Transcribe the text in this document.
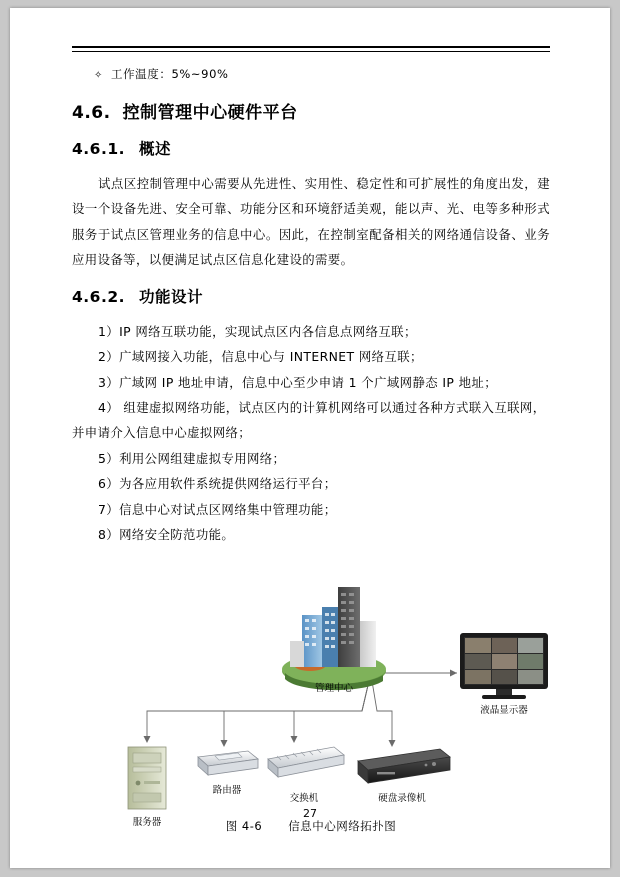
✧ 工作温度：5%~90%
4.6. 控制管理中心硬件平台
4.6.1. 概述

试点区控制管理中心需要从先进性、实用性、稳定性和可扩展性的角度出发，建设一个设备先进、安全可靠、功能分区和环境舒适美观，能以声、光、电等多种形式服务于试点区管理业务的信息中心。因此，在控制室配备相关的网络通信设备、业务应用设备等，以便满足试点区信息化建设的需要。

4.6.2. 功能设计

1）IP 网络互联功能，实现试点区内各信息点网络互联；

2）广域网接入功能，信息中心与 INTERNET 网络互联；

3）广域网 IP 地址申请，信息中心至少申请 1 个广域网静态 IP 地址；

4） 组建虚拟网络功能，试点区内的计算机网络可以通过各种方式联入互联网，并申请介入信息中心虚拟网络；

5）利用公网组建虚拟专用网络；

6）为各应用软件系统提供网络运行平台；

7）信息中心对试点区网络集中管理功能；

8）网络安全防范功能。

管理中心
液晶显示器
服务器
路由器
交换机	硬盘录像机
图 4-6 信息中心网络拓扑图
27
